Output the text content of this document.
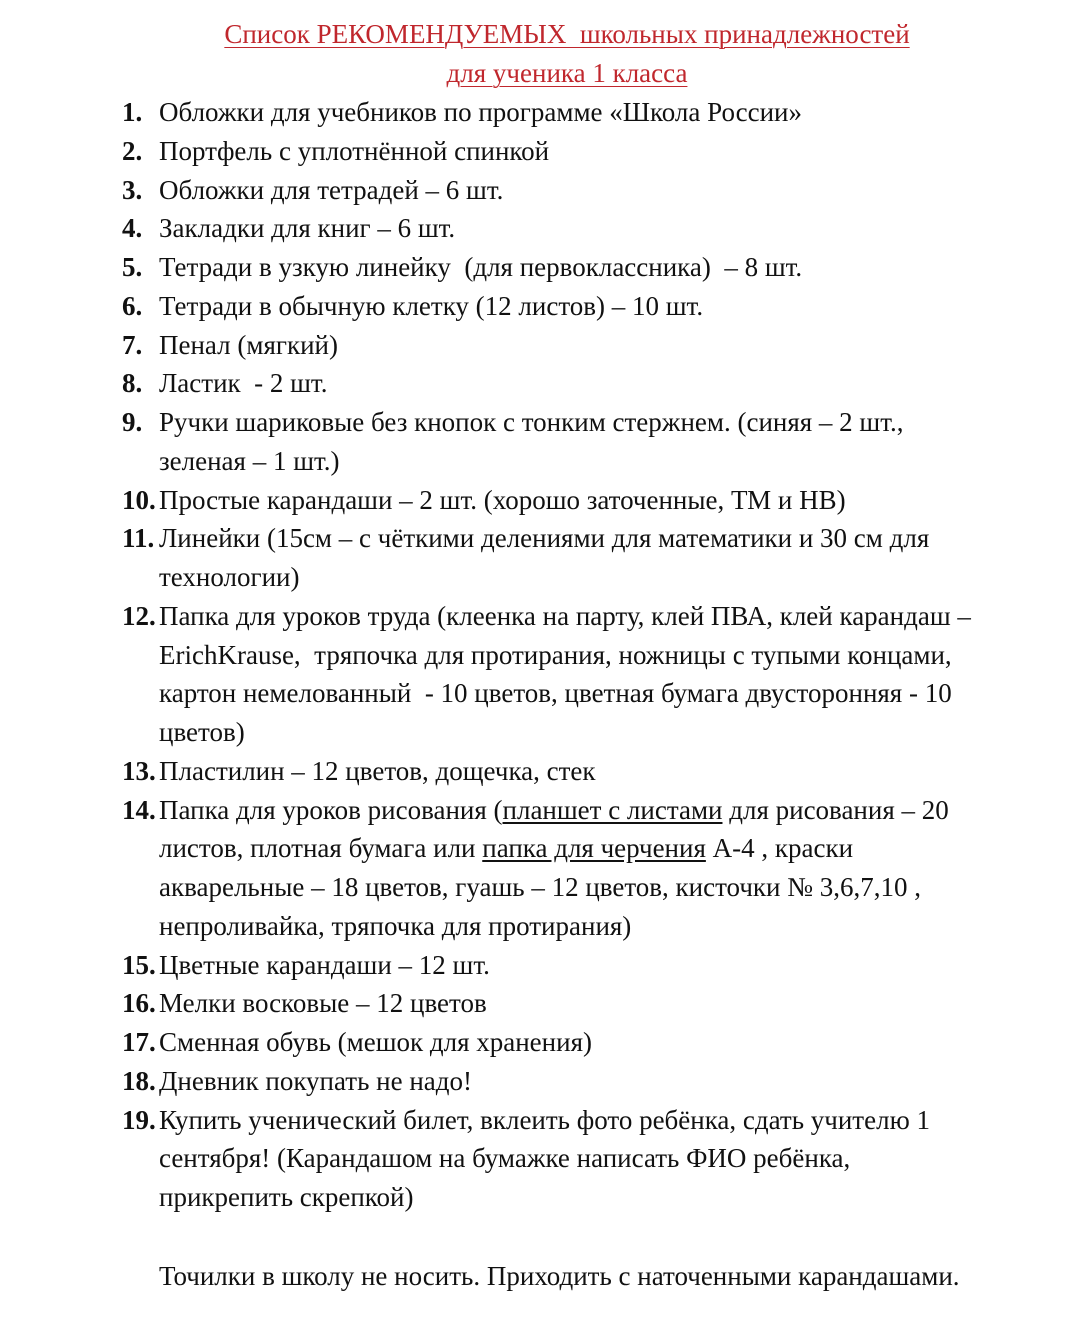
Список РЕКОМЕНДУЕМЫХ  школьных принадлежностей
для ученика 1 класса
1. Обложки для учебников по программе «Школа России»
2. Портфель с уплотнённой спинкой
3. Обложки для тетрадей – 6 шт.
4. Закладки для книг – 6 шт.
5. Тетради в узкую линейку  (для первоклассника)  – 8 шт.
6. Тетради в обычную клетку (12 листов) – 10 шт.
7. Пенал (мягкий)
8. Ластик  - 2 шт.
9. Ручки шариковые без кнопок с тонким стержнем. (синяя – 2 шт.,
зеленая – 1 шт.)
10. Простые карандаши – 2 шт. (хорошо заточенные, ТМ и НВ)
11. Линейки (15см – с чёткими делениями для математики и 30 см для
технологии)
12. Папка для уроков труда (клеенка на парту, клей ПВА, клей карандаш –
ErichKrause,  тряпочка для протирания, ножницы с тупыми концами,
картон немелованный  - 10 цветов, цветная бумага двусторонняя - 10
цветов)
13. Пластилин – 12 цветов, дощечка, стек
14. Папка для уроков рисования (планшет с листами для рисования – 20
листов, плотная бумага или папка для черчения А-4 , краски
акварельные – 18 цветов, гуашь – 12 цветов, кисточки № 3,6,7,10 ,
непроливайка, тряпочка для протирания)
15. Цветные карандаши – 12 шт.
16. Мелки восковые – 12 цветов
17. Сменная обувь (мешок для хранения)
18. Дневник покупать не надо!
19. Купить ученический билет, вклеить фото ребёнка, сдать учителю 1
сентября! (Карандашом на бумажке написать ФИО ребёнка,
прикрепить скрепкой)
Точилки в школу не носить. Приходить с наточенными карандашами.
